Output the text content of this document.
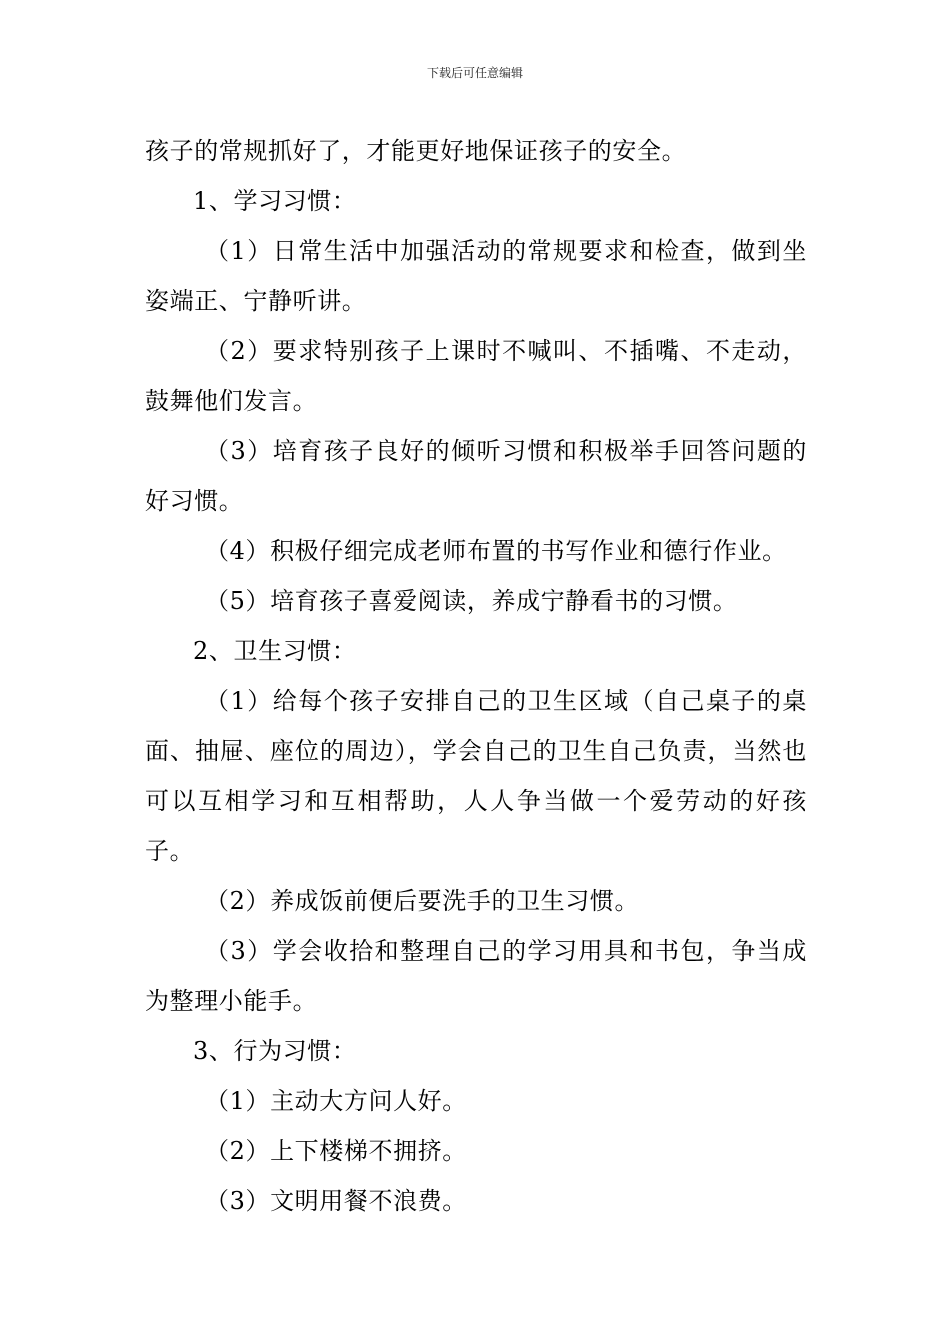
下载后可任意编辑

孩子的常规抓好了，才能更好地保证孩子的安全。

1、学习习惯：

（1）日常生活中加强活动的常规要求和检查，做到坐姿端正、宁静听讲。

（2）要求特别孩子上课时不喊叫、不插嘴、不走动，鼓舞他们发言。

（3）培育孩子良好的倾听习惯和积极举手回答问题的好习惯。

（4）积极仔细完成老师布置的书写作业和德行作业。

（5）培育孩子喜爱阅读，养成宁静看书的习惯。

2、卫生习惯：

（1）给每个孩子安排自己的卫生区域（自己桌子的桌面、抽屉、座位的周边），学会自己的卫生自己负责，当然也可以互相学习和互相帮助，人人争当做一个爱劳动的好孩子。

（2）养成饭前便后要洗手的卫生习惯。

（3）学会收拾和整理自己的学习用具和书包，争当成为整理小能手。

3、行为习惯：

（1）主动大方问人好。

（2）上下楼梯不拥挤。

（3）文明用餐不浪费。
